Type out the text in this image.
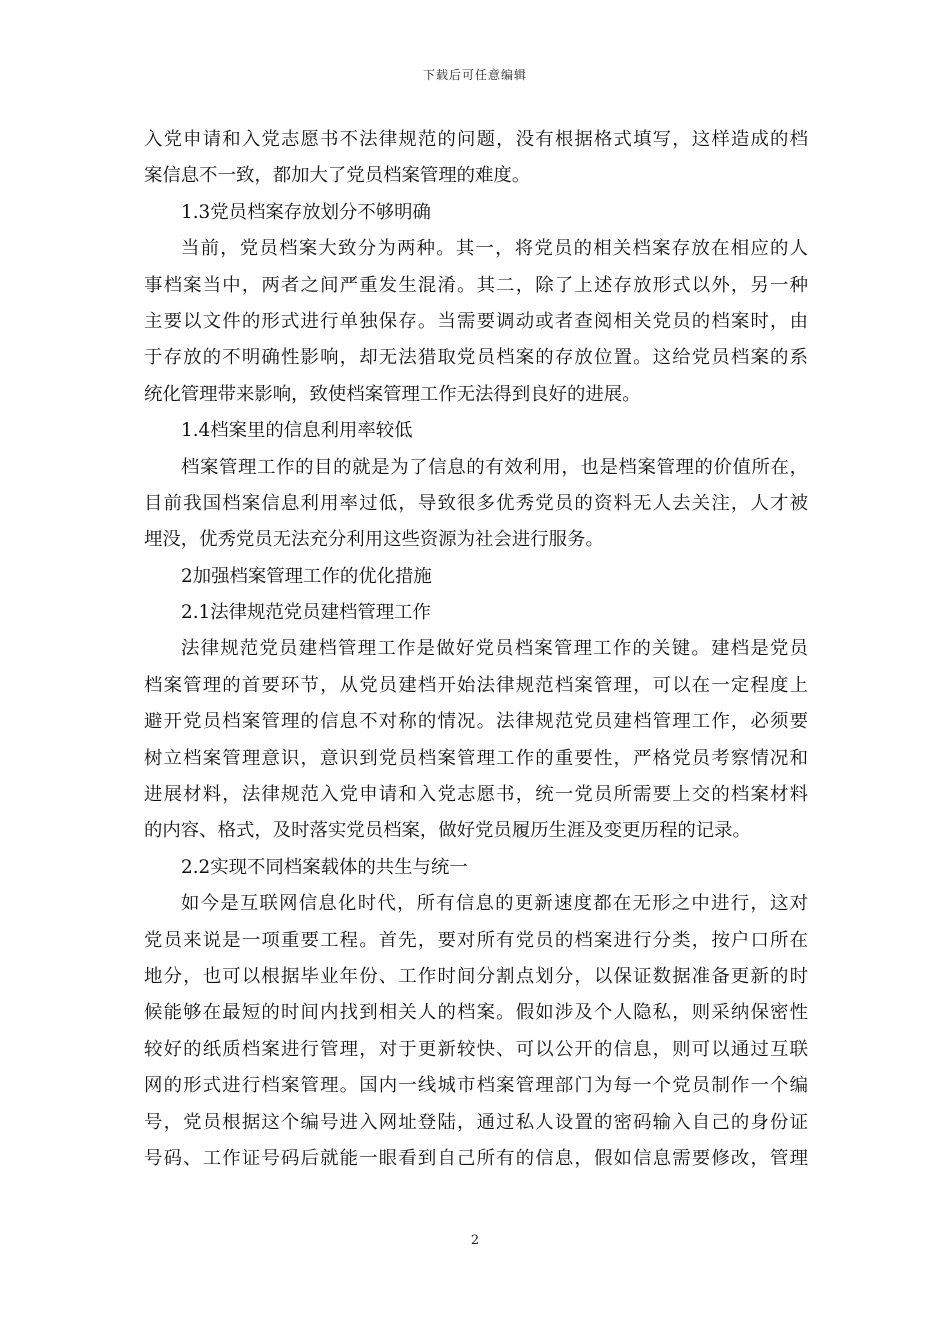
下载后可任意编辑
入党申请和入党志愿书不法律规范的问题，没有根据格式填写，这样造成的档
案信息不一致，都加大了党员档案管理的难度。
1.3党员档案存放划分不够明确
当前，党员档案大致分为两种。其一，将党员的相关档案存放在相应的人
事档案当中，两者之间严重发生混淆。其二，除了上述存放形式以外，另一种
主要以文件的形式进行单独保存。当需要调动或者查阅相关党员的档案时，由
于存放的不明确性影响，却无法猎取党员档案的存放位置。这给党员档案的系
统化管理带来影响，致使档案管理工作无法得到良好的进展。
1.4档案里的信息利用率较低
档案管理工作的目的就是为了信息的有效利用，也是档案管理的价值所在，
目前我国档案信息利用率过低，导致很多优秀党员的资料无人去关注，人才被
埋没，优秀党员无法充分利用这些资源为社会进行服务。
2加强档案管理工作的优化措施
2.1法律规范党员建档管理工作
法律规范党员建档管理工作是做好党员档案管理工作的关键。建档是党员
档案管理的首要环节，从党员建档开始法律规范档案管理，可以在一定程度上
避开党员档案管理的信息不对称的情况。法律规范党员建档管理工作，必须要
树立档案管理意识，意识到党员档案管理工作的重要性，严格党员考察情况和
进展材料，法律规范入党申请和入党志愿书，统一党员所需要上交的档案材料
的内容、格式，及时落实党员档案，做好党员履历生涯及变更历程的记录。
2.2实现不同档案载体的共生与统一
如今是互联网信息化时代，所有信息的更新速度都在无形之中进行，这对
党员来说是一项重要工程。首先，要对所有党员的档案进行分类，按户口所在
地分，也可以根据毕业年份、工作时间分割点划分，以保证数据准备更新的时
候能够在最短的时间内找到相关人的档案。假如涉及个人隐私，则采纳保密性
较好的纸质档案进行管理，对于更新较快、可以公开的信息，则可以通过互联
网的形式进行档案管理。国内一线城市档案管理部门为每一个党员制作一个编
号，党员根据这个编号进入网址登陆，通过私人设置的密码输入自己的身份证
号码、工作证号码后就能一眼看到自己所有的信息，假如信息需要修改，管理
2
